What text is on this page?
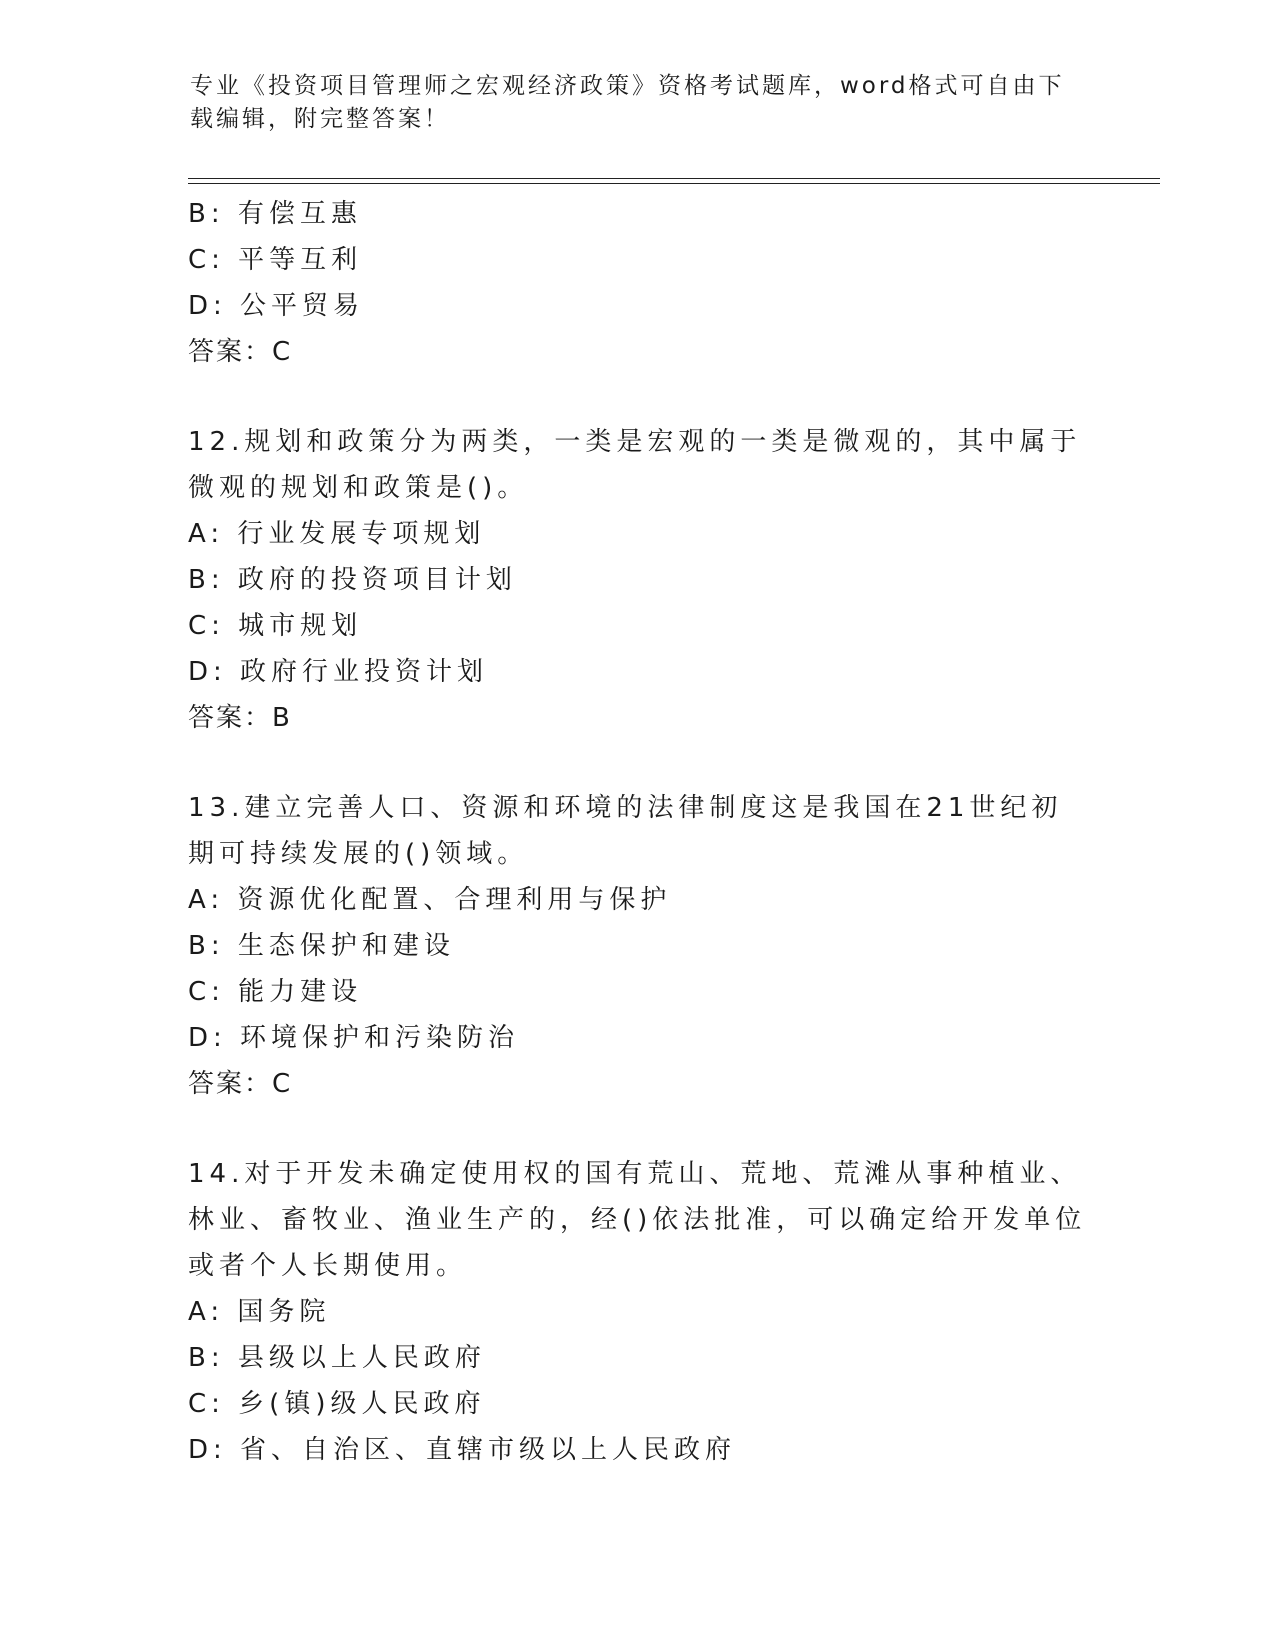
专业《投资项目管理师之宏观经济政策》资格考试题库，word格式可自由下载编辑，附完整答案！
B: 有偿互惠
C: 平等互利
D: 公平贸易
答案：C
12.规划和政策分为两类，一类是宏观的一类是微观的，其中属于微观的规划和政策是()。
A: 行业发展专项规划
B: 政府的投资项目计划
C: 城市规划
D: 政府行业投资计划
答案：B
13.建立完善人口、资源和环境的法律制度这是我国在21世纪初期可持续发展的()领域。
A: 资源优化配置、合理利用与保护
B: 生态保护和建设
C: 能力建设
D: 环境保护和污染防治
答案：C
14.对于开发未确定使用权的国有荒山、荒地、荒滩从事种植业、林业、畜牧业、渔业生产的，经()依法批准，可以确定给开发单位或者个人长期使用。
A: 国务院
B: 县级以上人民政府
C: 乡(镇)级人民政府
D: 省、自治区、直辖市级以上人民政府
